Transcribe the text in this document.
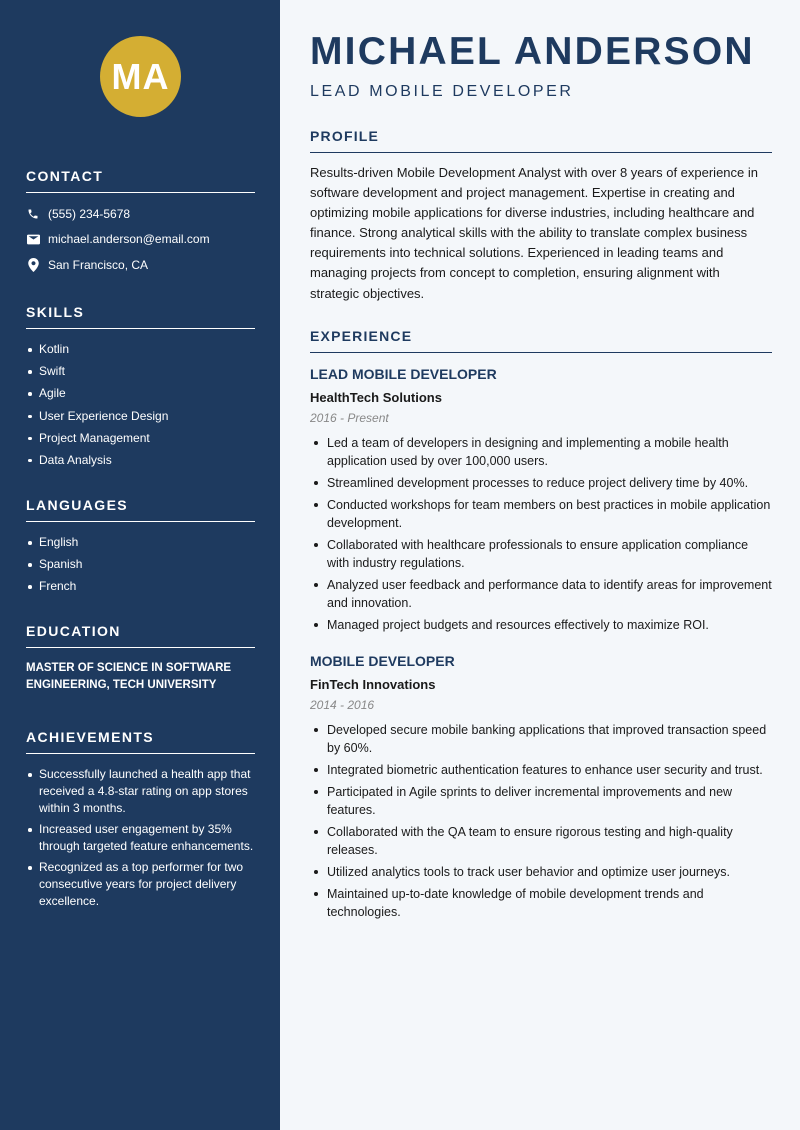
MA
CONTACT
(555) 234-5678
michael.anderson@email.com
San Francisco, CA
SKILLS
Kotlin
Swift
Agile
User Experience Design
Project Management
Data Analysis
LANGUAGES
English
Spanish
French
EDUCATION
MASTER OF SCIENCE IN SOFTWARE ENGINEERING, TECH UNIVERSITY
ACHIEVEMENTS
Successfully launched a health app that received a 4.8-star rating on app stores within 3 months.
Increased user engagement by 35% through targeted feature enhancements.
Recognized as a top performer for two consecutive years for project delivery excellence.
MICHAEL ANDERSON
LEAD MOBILE DEVELOPER
PROFILE

Results-driven Mobile Development Analyst with over 8 years of experience in software development and project management. Expertise in creating and optimizing mobile applications for diverse industries, including healthcare and finance. Strong analytical skills with the ability to translate complex business requirements into technical solutions. Experienced in leading teams and managing projects from concept to completion, ensuring alignment with strategic objectives.

EXPERIENCE
LEAD MOBILE DEVELOPER
HealthTech Solutions
2016 - Present
Led a team of developers in designing and implementing a mobile health application used by over 100,000 users.
Streamlined development processes to reduce project delivery time by 40%.
Conducted workshops for team members on best practices in mobile application development.
Collaborated with healthcare professionals to ensure application compliance with industry regulations.
Analyzed user feedback and performance data to identify areas for improvement and innovation.
Managed project budgets and resources effectively to maximize ROI.
MOBILE DEVELOPER
FinTech Innovations
2014 - 2016
Developed secure mobile banking applications that improved transaction speed by 60%.
Integrated biometric authentication features to enhance user security and trust.
Participated in Agile sprints to deliver incremental improvements and new features.
Collaborated with the QA team to ensure rigorous testing and high-quality releases.
Utilized analytics tools to track user behavior and optimize user journeys.
Maintained up-to-date knowledge of mobile development trends and technologies.
